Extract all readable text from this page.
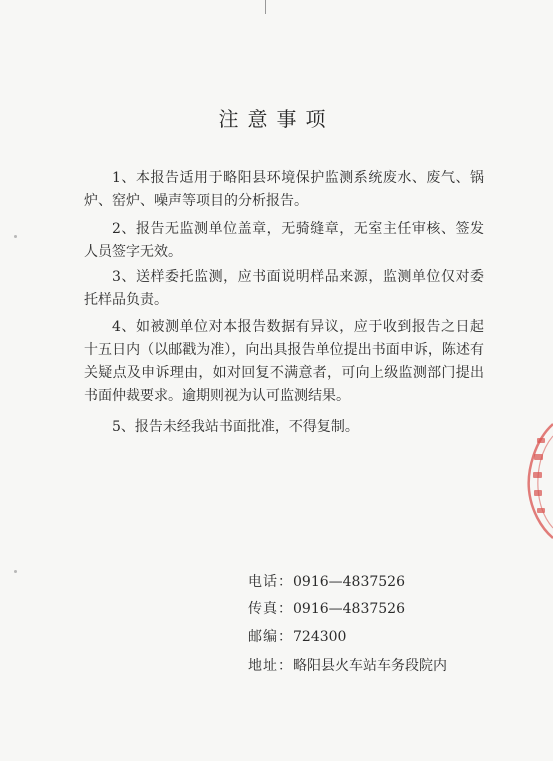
注意事项

1、本报告适用于略阳县环境保护监测系统废水、废气、锅炉、窑炉、噪声等项目的分析报告。

2、报告无监测单位盖章，无骑缝章，无室主任审核、签发人员签字无效。

3、送样委托监测，应书面说明样品来源，监测单位仅对委托样品负责。

4、如被测单位对本报告数据有异议，应于收到报告之日起十五日内（以邮戳为准），向出具报告单位提出书面申诉，陈述有关疑点及申诉理由，如对回复不满意者，可向上级监测部门提出书面仲裁要求。逾期则视为认可监测结果。

5、报告未经我站书面批准，不得复制。

电话：0916—4837526
传真：0916—4837526
邮编：724300
地址：略阳县火车站车务段院内
